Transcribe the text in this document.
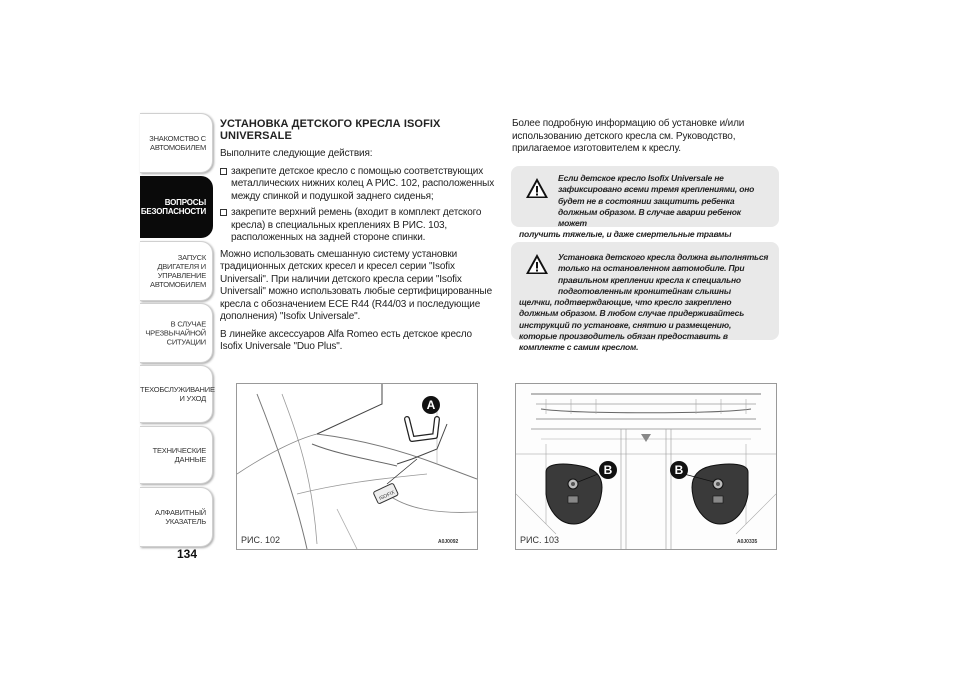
ЗНАКОМСТВО С
АВТОМОБИЛЕМ
ВОПРОСЫ
БЕЗОПАСНОСТИ
ЗАПУСК ДВИГАТЕЛЯ И
УПРАВЛЕНИЕ
АВТОМОБИЛЕМ
В СЛУЧАЕ
ЧРЕЗВЫЧАЙНОЙ
СИТУАЦИИ
ТЕХОБСЛУЖИВАНИЕ
И УХОД
ТЕХНИЧЕСКИЕ
ДАННЫЕ
АЛФАВИТНЫЙ
УКАЗАТЕЛЬ
134
УСТАНОВКА ДЕТСКОГО КРЕСЛА ISOFIX UNIVERSALE
Выполните следующие действия:
закрепите детское кресло с помощью соответствующих металлических нижних колец A РИС. 102, расположенных между спинкой и подушкой заднего сиденья;
закрепите верхний ремень (входит в комплект детского кресла) в специальных креплениях B РИС. 103, расположенных на задней стороне спинки.
Можно использовать смешанную систему установки традиционных детских кресел и кресел серии "Isofix Universali". При наличии детского кресла серии "Isofix Universali" можно использовать любые сертифицированные кресла с обозначением ECE R44 (R44/03 и последующие дополнения) "Isofix Universale".
В линейке аксессуаров Alfa Romeo есть детское кресло Isofix Universale "Duo Plus".
Более подробную информацию об установке и/или использованию детского кресла см. Руководство, прилагаемое изготовителем к креслу.
Если детское кресло Isofix Universale не зафиксировано всеми тремя креплениями, оно будет не в состоянии защитить ребенка должным образом. В случае аварии ребенок может
получить тяжелые, и даже смертельные травмы
Установка детского кресла должна выполняться только на остановленном автомобиле. При правильном креплении кресла к специально подготовленным кронштейнам слышны
щелчки, подтверждающие, что кресло закреплено должным образом. В любом случае придерживайтесь инструкций по установке, снятию и размещению, которые производитель обязан предоставить в комплекте с самим креслом.
ISOFIX
A
РИС. 102	A0J0092
B	B
РИС. 103	A0J0335
